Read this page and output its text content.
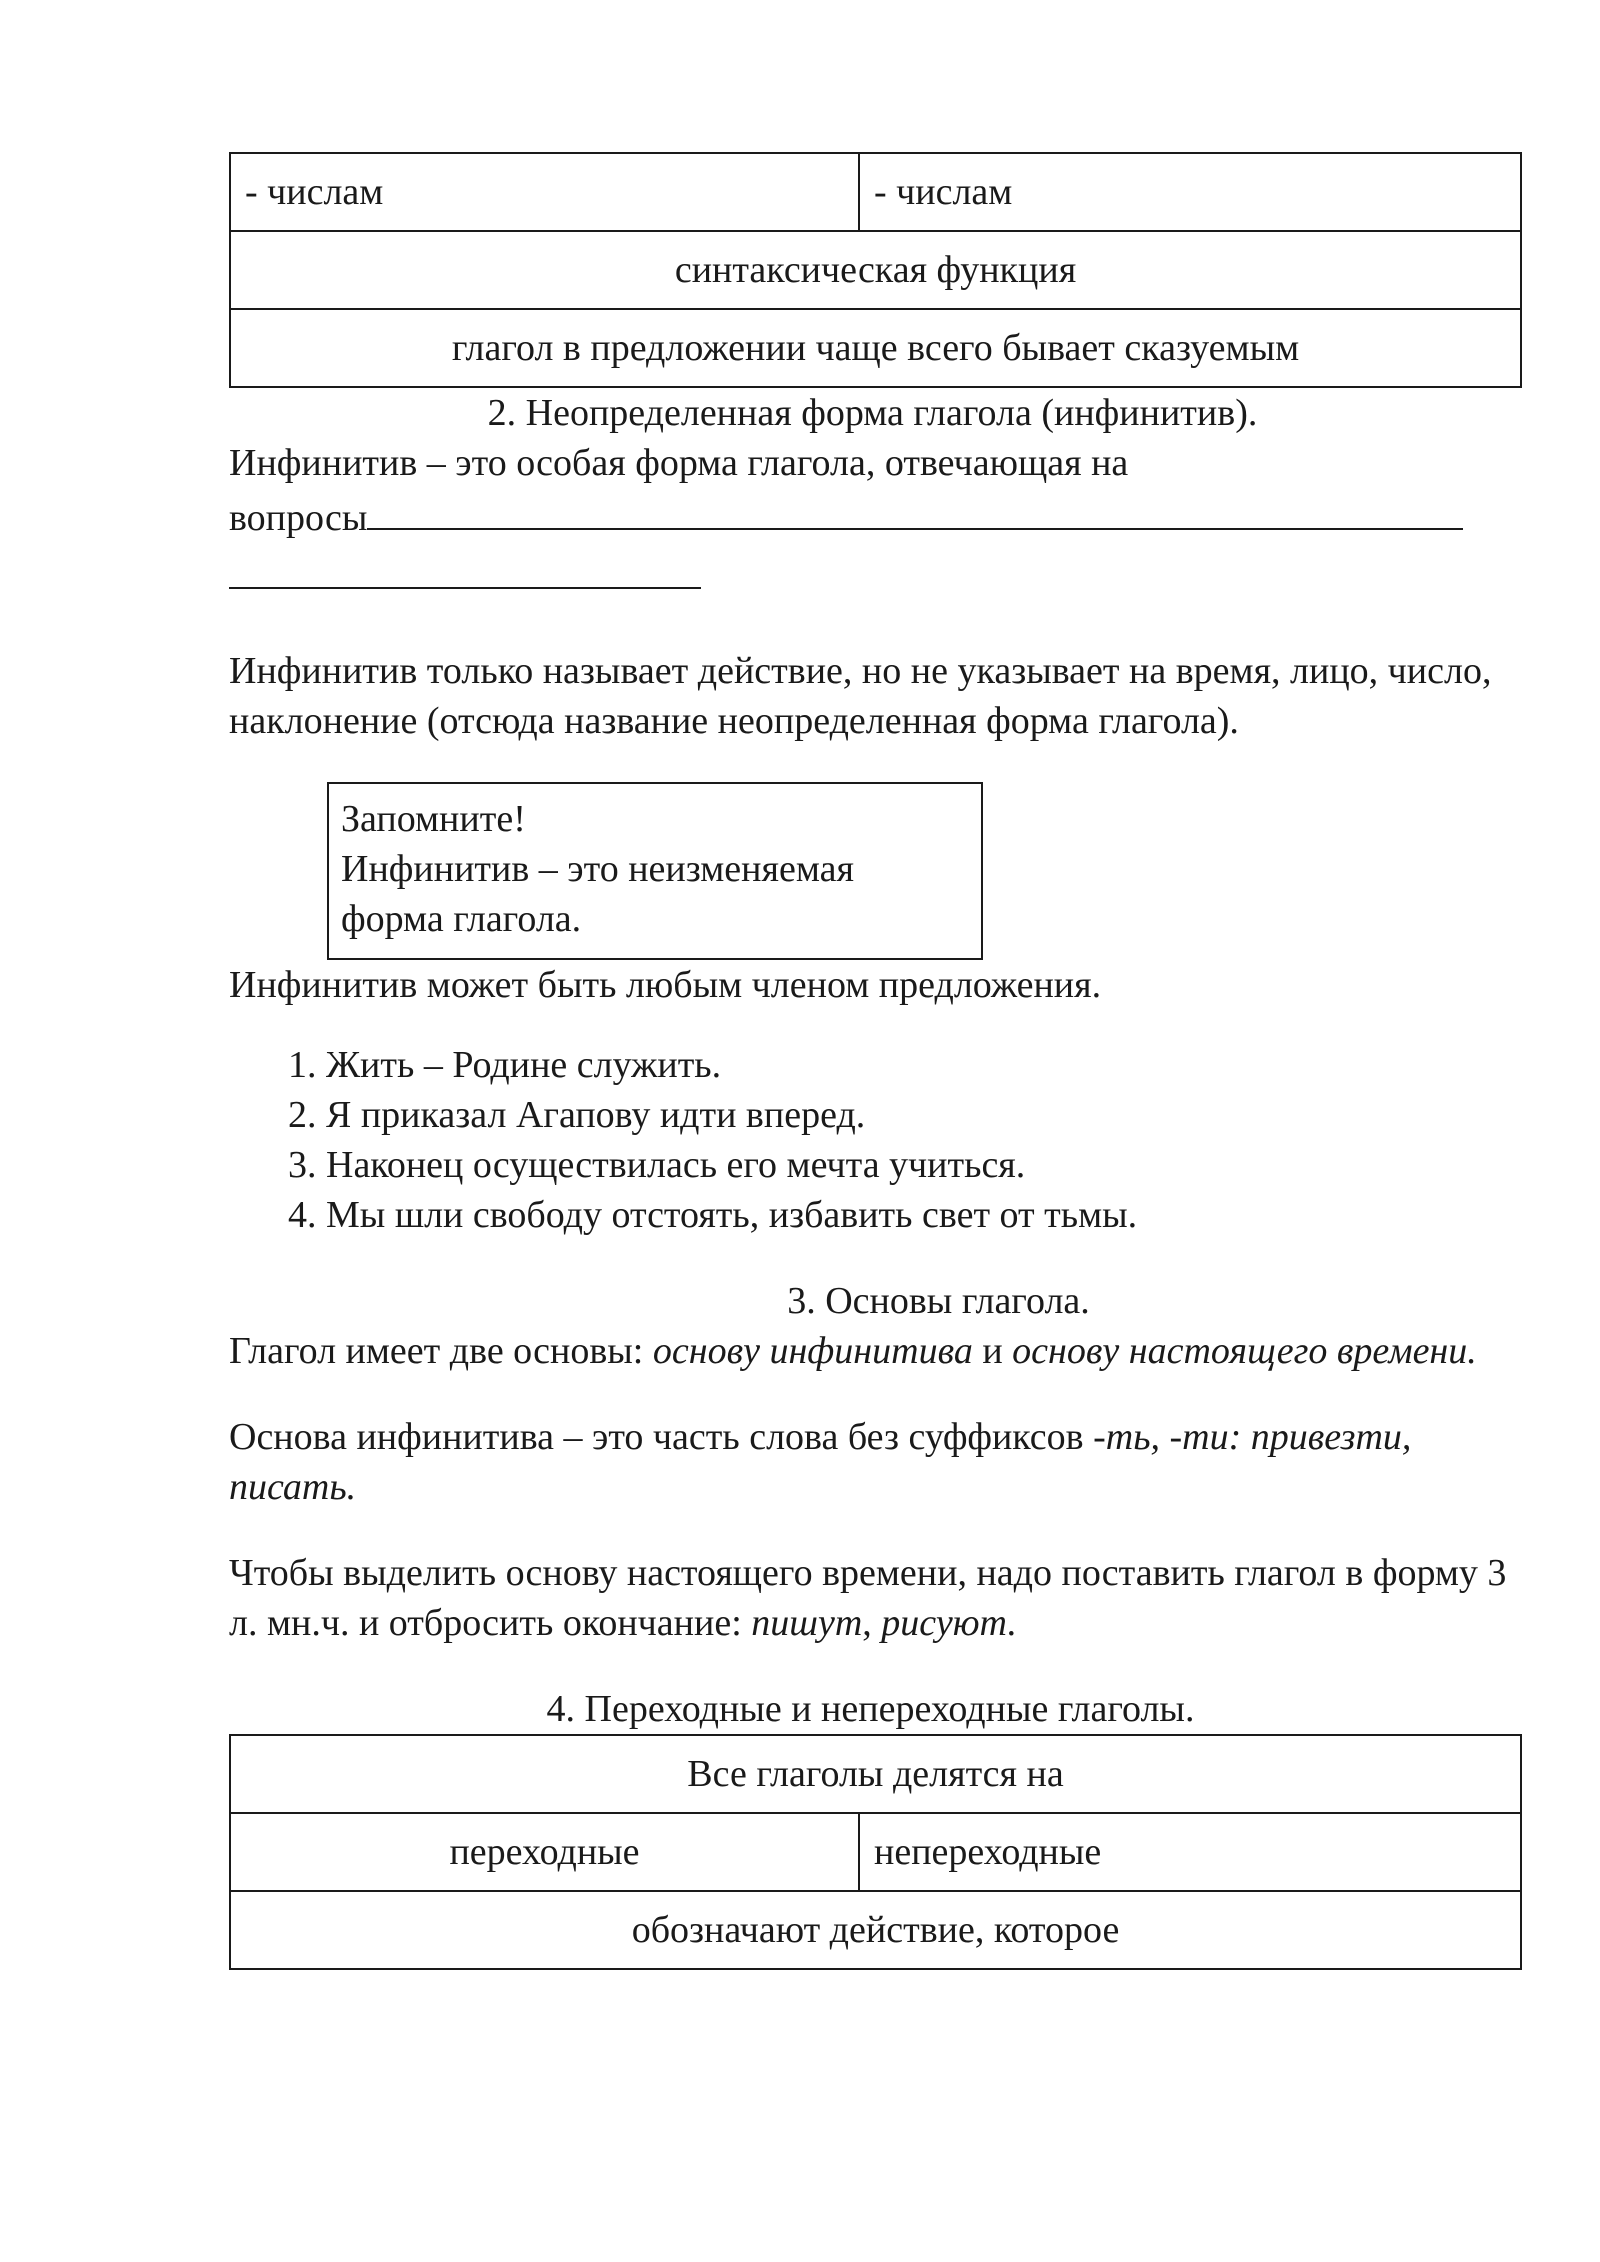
- числам	- числам
синтаксическая функция
глагол в предложении чаще всего бывает сказуемым

2. Неопределенная форма глагола (инфинитив).

Инфинитив – это особая форма глагола, отвечающая на

вопросы

Инфинитив только называет действие, но не указывает на время, лицо, число, наклонение (отсюда название неопределенная форма глагола).

Запомните!

Инфинитив – это неизменяемая форма глагола.

Инфинитив может быть любым членом предложения.

1. Жить – Родине служить.
2. Я приказал Агапову идти вперед.
3. Наконец осуществилась его мечта учиться.
4. Мы шли свободу отстоять, избавить свет от тьмы.

3. Основы глагола.

Глагол имеет две основы: основу инфинитива и основу настоящего времени.

Основа инфинитива – это часть слова без суффиксов -ть, -ти: привезти, писать.

Чтобы выделить основу настоящего времени, надо поставить глагол в форму 3 л. мн.ч. и отбросить окончание: пишут, рисуют.

4. Переходные и непереходные глаголы.

Все глаголы делятся на
переходные	непереходные
обозначают действие, которое
